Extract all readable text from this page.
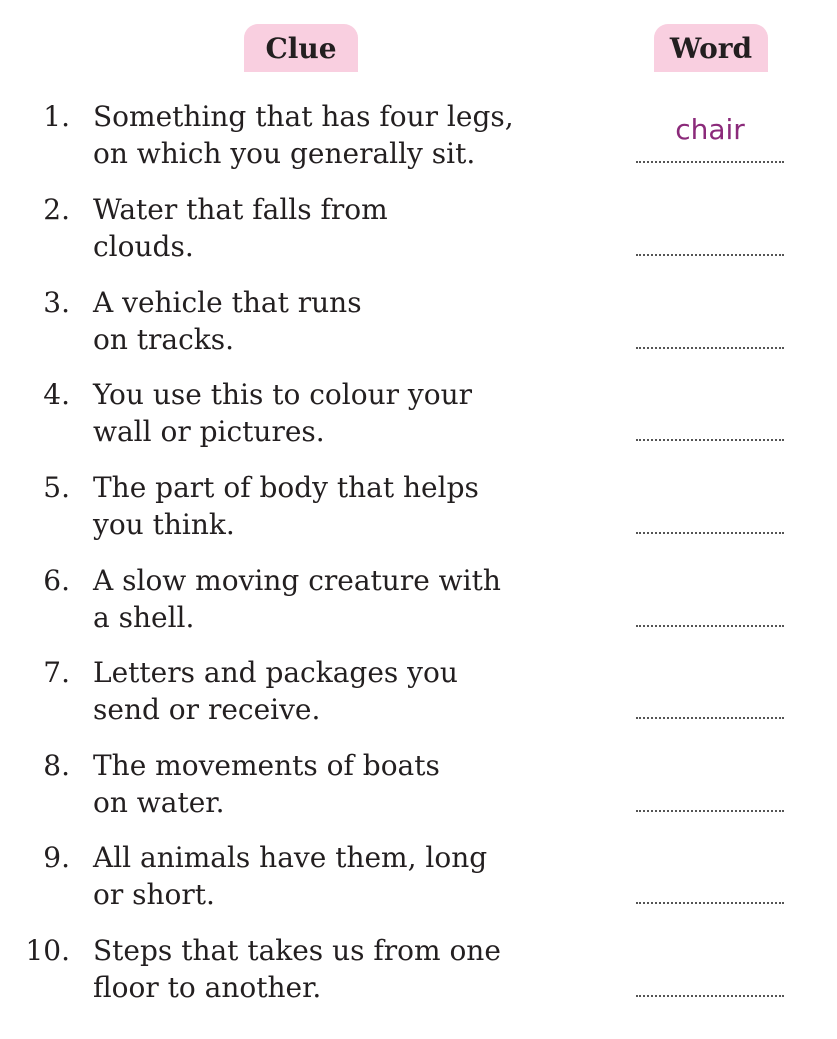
Clue	Word
1. Something that has four legs,
on which you generally sit.
chair
2. Water that falls from
clouds.
3. A vehicle that runs
on tracks.
4. You use this to colour your
wall or pictures.
5. The part of body that helps
you think.
6. A slow moving creature with
a shell.
7. Letters and packages you
send or receive.
8. The movements of boats
on water.
9. All animals have them, long
or short.
10. Steps that takes us from one
floor to another.
